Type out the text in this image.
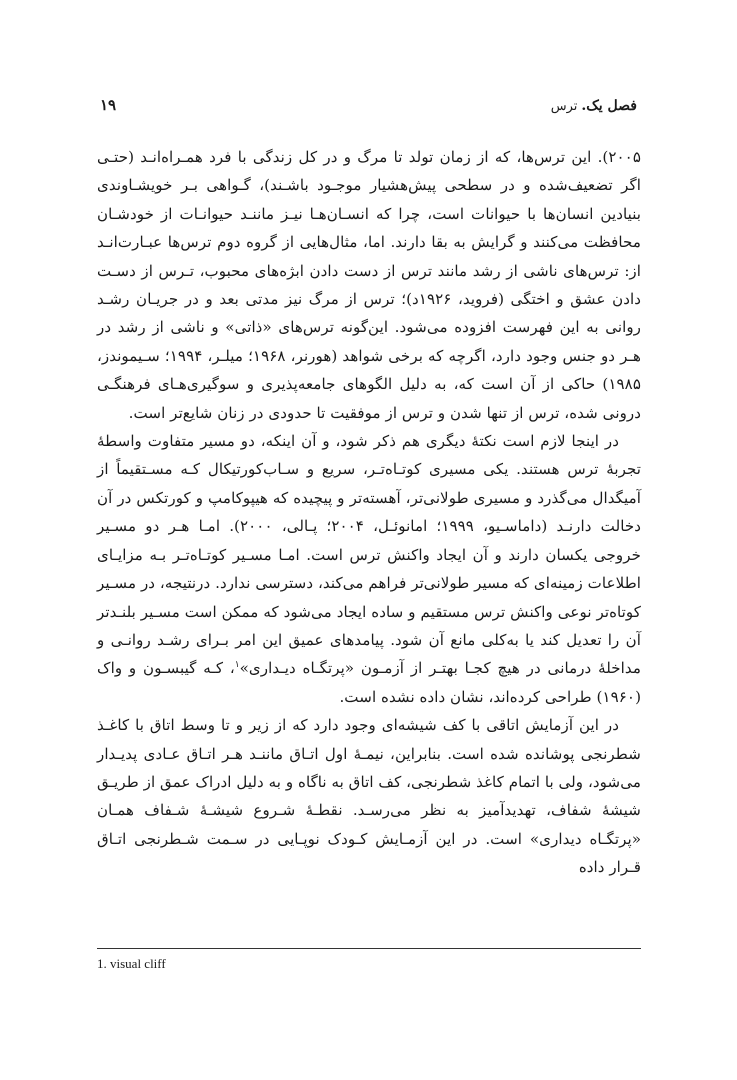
فصل یک
.
ترس
۱۹

۲۰۰۵). این ترس‌ها، که از زمان تولد تا مرگ و در کل زندگی با فرد همـراه‌انـد (حتـی اگر تضعیف‌شده و در سطحی پیش‌هشیار موجـود باشـند)، گـواهی بـر خویشـاوندی بنیادین انسان‌ها با حیوانات است، چرا که انسـان‌هـا نیـز ماننـد حیوانـات از خودشـان محافظت می‌کنند و گرایش به بقا دارند. اما، مثال‌هایی از گروه دوم ترس‌ها عبـارت‌انـد از: ترس‌های ناشی از رشد مانند ترس از دست دادن ابژه‌های محبوب، تـرس از دسـت دادن عشق و اختگی (فروید، ۱۹۲۶د)؛ ترس از مرگ نیز مدتی بعد و در جریـان رشـد روانی به این فهرست افزوده می‌شود. این‌گونه ترس‌های «ذاتی» و ناشی از رشد در هـر دو جنس وجود دارد، اگرچه که برخی شواهد (هورنر، ۱۹۶۸؛ میلـر، ۱۹۹۴؛ سـیموندز، ۱۹۸۵) حاکی از آن است که، به دلیل الگوهای جامعه‌پذیری و سوگیری‌هـای فرهنگـی درونی شده، ترس از تنها شدن و ترس از موفقیت تا حدودی در زنان شایع‌تر است.

در اینجا لازم است نکتهٔ دیگری هم ذکر شود، و آن اینکه، دو مسیر متفاوت واسطهٔ تجربهٔ ترس هستند. یکی مسیری کوتـاه‌تـر، سریع و سـاب‌کورتیکال کـه مسـتقیماً از آمیگدال می‌گذرد و مسیری طولانی‌تر، آهسته‌تر و پیچیده که هیپوکامپ و کورتکس در آن دخالت دارنـد (داماسـیو، ۱۹۹۹؛ امانوئـل، ۲۰۰۴؛ پـالی، ۲۰۰۰). امـا هـر دو مسـیر خروجی یکسان دارند و آن ایجاد واکنش ترس است. امـا مسـیر کوتـاه‌تـر بـه مزایـای اطلاعات زمینه‌ای که مسیر طولانی‌تر فراهم می‌کند، دسترسی ندارد. درنتیجه، در مسـیر کوتاه‌تر نوعی واکنش ترس مستقیم و ساده ایجاد می‌شود که ممکن است مسـیر بلنـدتر آن را تعدیل کند یا به‌کلی مانع آن شود. پیامدهای عمیق این امر بـرای رشـد روانـی و مداخلهٔ درمانی در هیچ کجـا بهتـر از آزمـون «پرتگـاه دیـداری»$^۱$، کـه گیبسـون و واک (۱۹۶۰) طراحی کرده‌اند، نشان داده نشده است.

در این آزمایش اتاقی با کف شیشه‌ای وجود دارد که از زیر و تا وسط اتاق با کاغـذ شطرنجی پوشانده شده است. بنابراین، نیمـهٔ اول اتـاق ماننـد هـر اتـاق عـادی پدیـدار می‌شود، ولی با اتمام کاغذ شطرنجی، کف اتاق به ناگاه و به دلیل ادراک عمق از طریـق شیشهٔ شفاف، تهدیدآمیز به نظر می‌رسـد. نقطـهٔ شـروع شیشـهٔ شـفاف همـان «پرتگـاه دیداری» است. در این آزمـایش کـودک نوپـایی در سـمت شـطرنجی اتـاق قـرار داده

1. visual cliff
